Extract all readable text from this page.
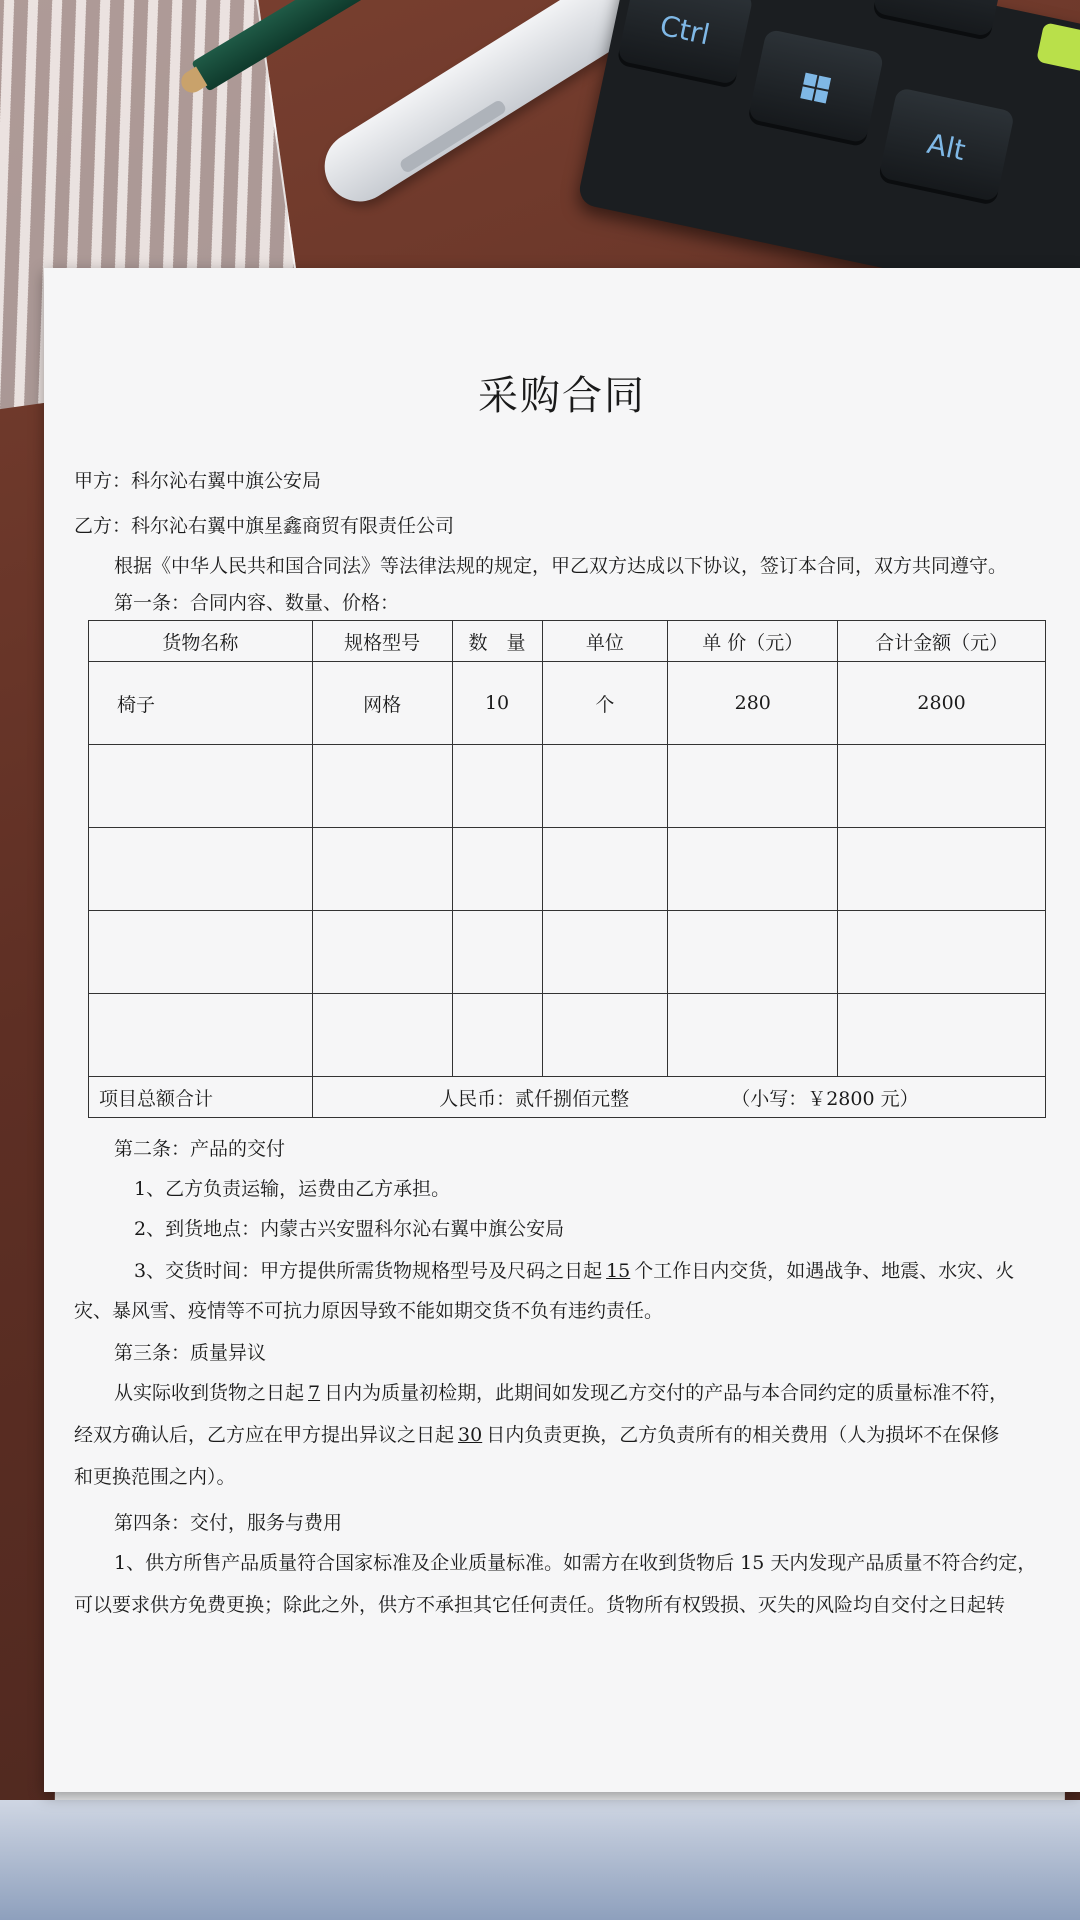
Ctrl
Alt
采购合同
甲方：科尔沁右翼中旗公安局
乙方：科尔沁右翼中旗星鑫商贸有限责任公司
根据《中华人民共和国合同法》等法律法规的规定，甲乙双方达成以下协议，签订本合同，双方共同遵守。
第一条：合同内容、数量、价格：
货物名称	规格型号	数　量	单位	单 价（元）	合计金额（元）
椅子	网格	10	个	280	2800

项目总额合计	人民币：贰仟捌佰元整 （小写：￥2800 元）				
第二条：产品的交付
1、乙方负责运输，运费由乙方承担。
2、到货地点：内蒙古兴安盟科尔沁右翼中旗公安局
3、交货时间：甲方提供所需货物规格型号及尺码之日起 15 个工作日内交货，如遇战争、地震、水灾、火
灾、暴风雪、疫情等不可抗力原因导致不能如期交货不负有违约责任。
第三条：质量异议
从实际收到货物之日起 7 日内为质量初检期，此期间如发现乙方交付的产品与本合同约定的质量标准不符，
经双方确认后，乙方应在甲方提出异议之日起 30 日内负责更换，乙方负责所有的相关费用（人为损坏不在保修
和更换范围之内）。
第四条：交付，服务与费用
1、供方所售产品质量符合国家标准及企业质量标准。如需方在收到货物后 15 天内发现产品质量不符合约定，
可以要求供方免费更换；除此之外，供方不承担其它任何责任。货物所有权毁损、灭失的风险均自交付之日起转
